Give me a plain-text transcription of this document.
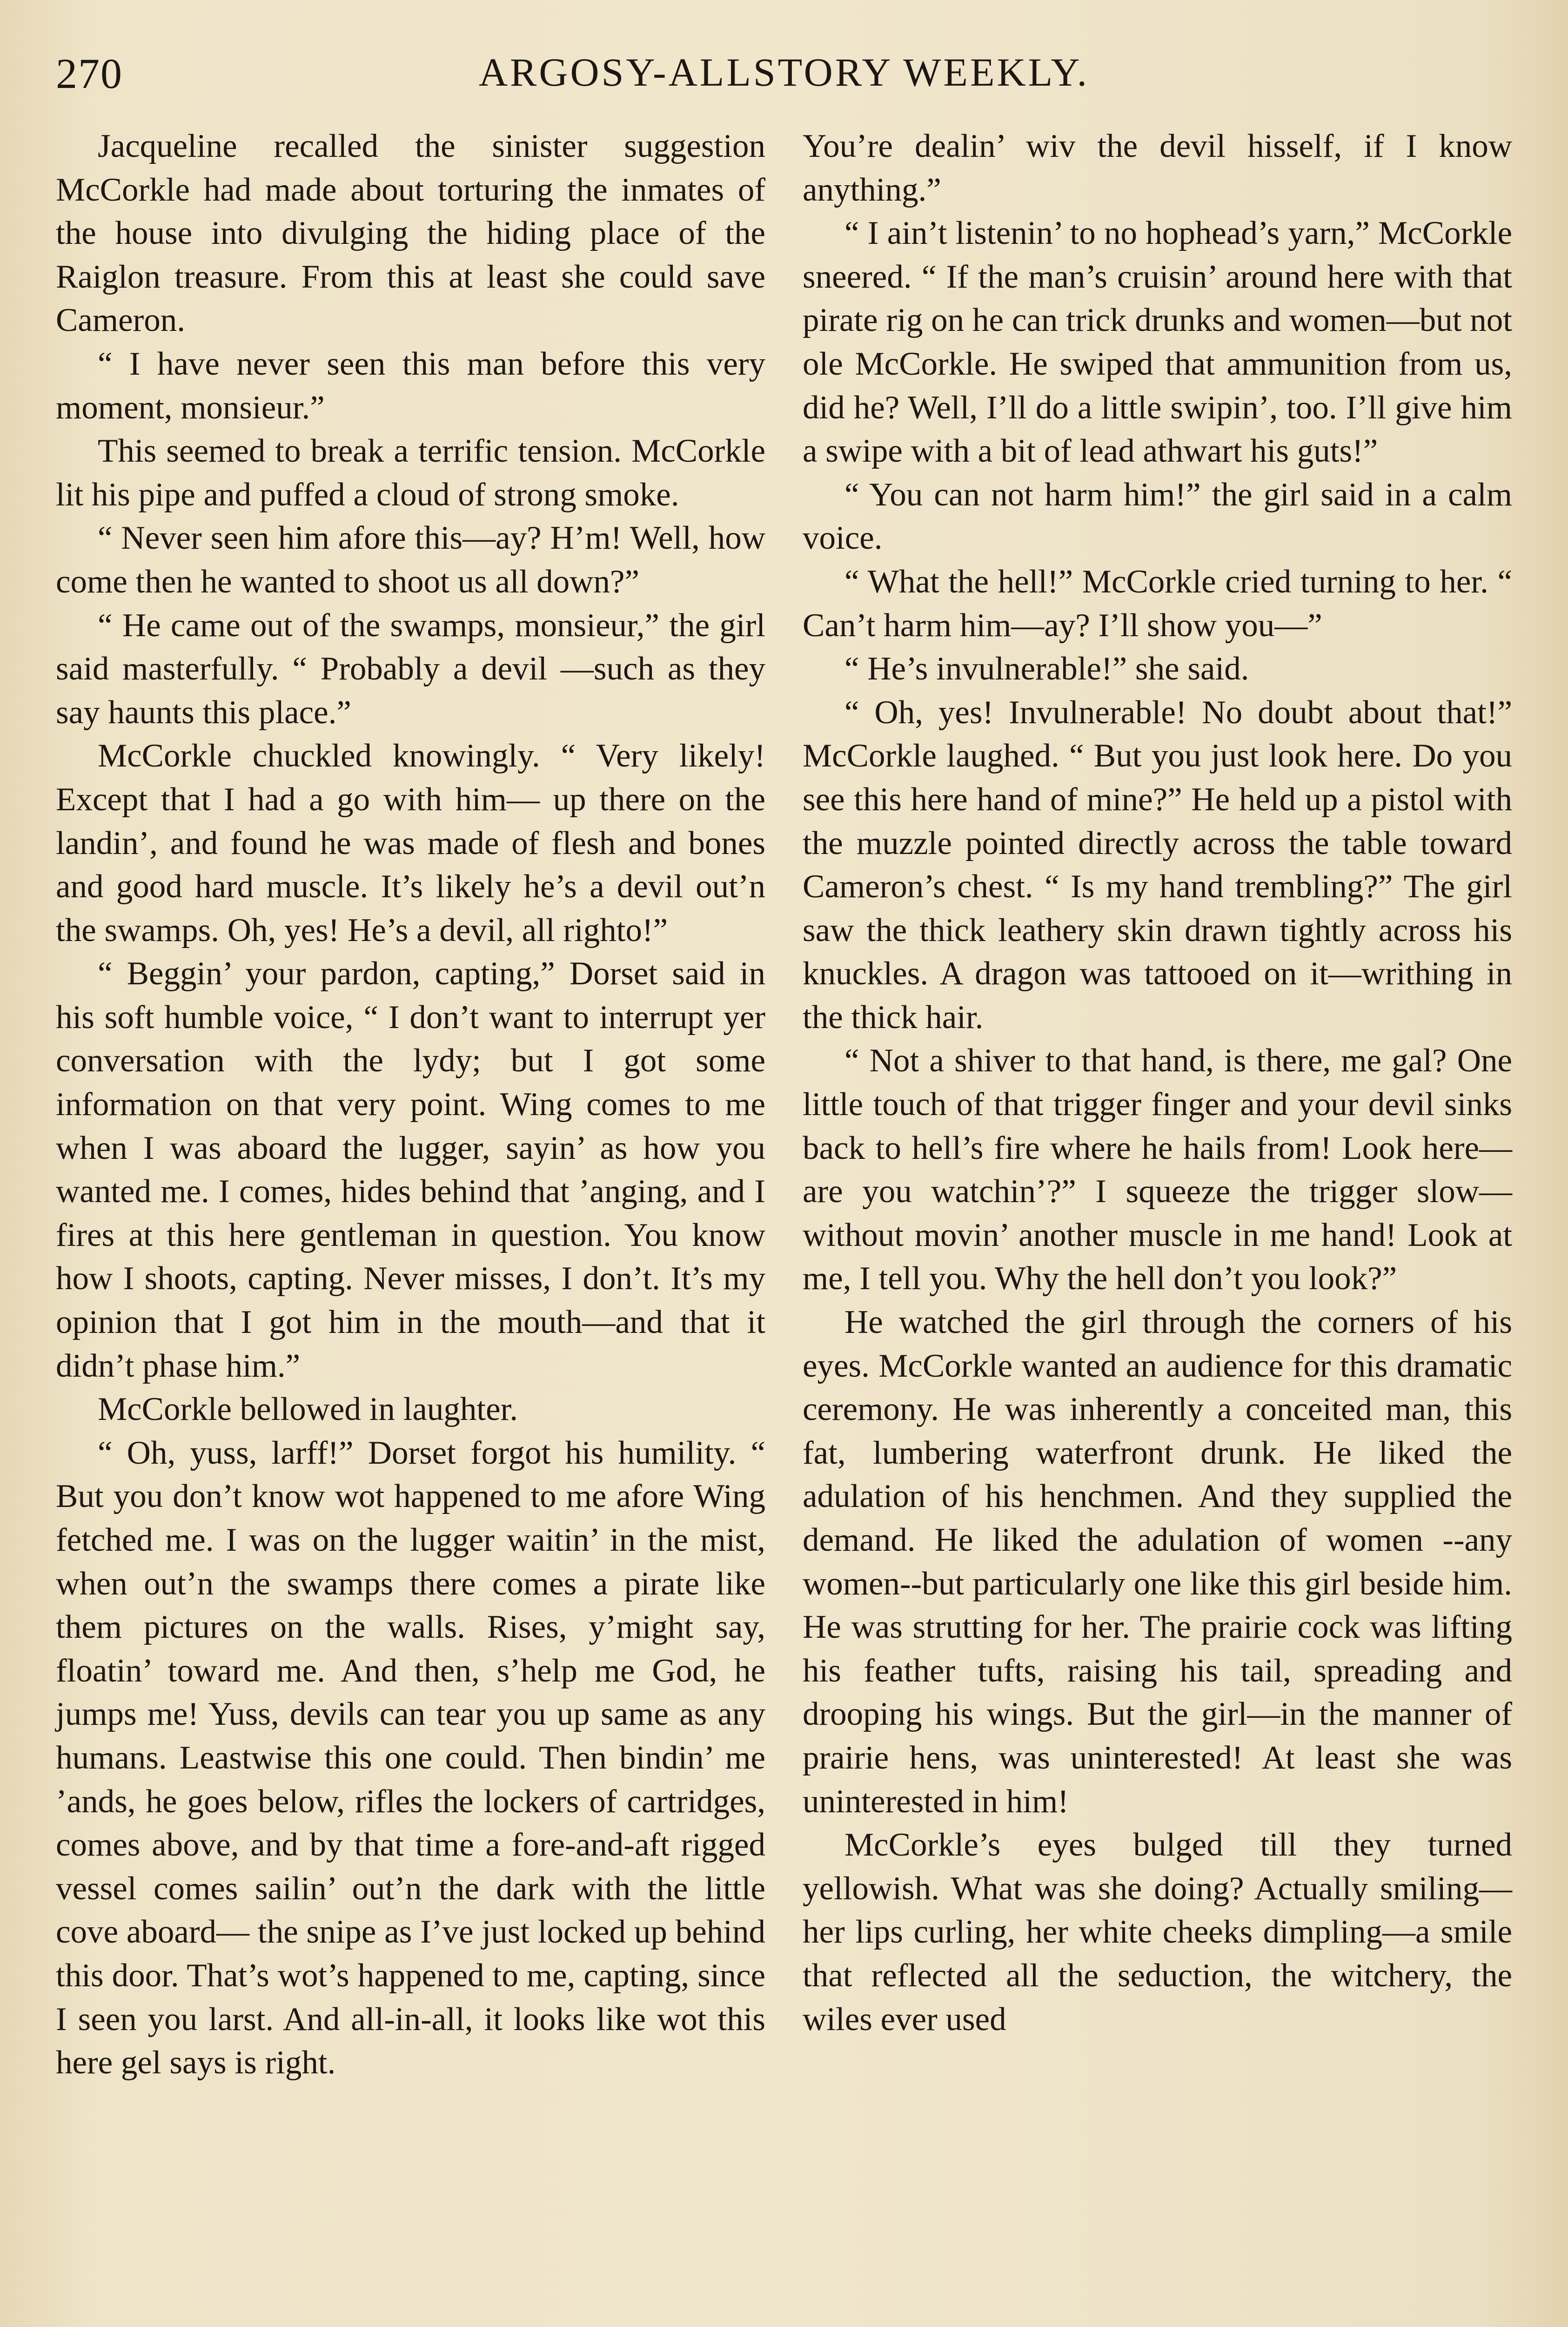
270	ARGOSY-ALLSTORY WEEKLY.

Jacqueline recalled the sinister suggestion McCorkle had made about torturing the inmates of the house into divulging the hiding place of the Raiglon treasure. From this at least she could save Cameron.

“ I have never seen this man before this very moment, monsieur.”

This seemed to break a terrific tension. McCorkle lit his pipe and puffed a cloud of strong smoke.

“ Never seen him afore this—ay? H’m! Well, how come then he wanted to shoot us all down?”

“ He came out of the swamps, monsieur,” the girl said masterfully. “ Probably a devil —such as they say haunts this place.”

McCorkle chuckled knowingly. “ Very likely! Except that I had a go with him— up there on the landin’, and found he was made of flesh and bones and good hard muscle. It’s likely he’s a devil out’n the swamps. Oh, yes! He’s a devil, all righto!”

“ Beggin’ your pardon, capting,” Dorset said in his soft humble voice, “ I don’t want to interrupt yer conversation with the lydy; but I got some information on that very point. Wing comes to me when I was aboard the lugger, sayin’ as how you wanted me. I comes, hides behind that ’anging, and I fires at this here gentleman in question. You know how I shoots, capting. Never misses, I don’t. It’s my opinion that I got him in the mouth—and that it didn’t phase him.”

McCorkle bellowed in laughter.

“ Oh, yuss, larff!” Dorset forgot his humility. “ But you don’t know wot happened to me afore Wing fetched me. I was on the lugger waitin’ in the mist, when out’n the swamps there comes a pirate like them pictures on the walls. Rises, y’might say, floatin’ toward me. And then, s’help me God, he jumps me! Yuss, devils can tear you up same as any humans. Leastwise this one could. Then bindin’ me ’ands, he goes below, rifles the lockers of cartridges, comes above, and by that time a fore-and-aft rigged vessel comes sailin’ out’n the dark with the little cove aboard— the snipe as I’ve just locked up behind this door. That’s wot’s happened to me, capting, since I seen you larst. And all-in-all, it looks like wot this here gel says is right.

You’re dealin’ wiv the devil hisself, if I know anything.”

“ I ain’t listenin’ to no hophead’s yarn,” McCorkle sneered. “ If the man’s cruisin’ around here with that pirate rig on he can trick drunks and women—but not ole McCorkle. He swiped that ammunition from us, did he? Well, I’ll do a little swipin’, too. I’ll give him a swipe with a bit of lead athwart his guts!”

“ You can not harm him!” the girl said in a calm voice.

“ What the hell!” McCorkle cried turning to her. “ Can’t harm him—ay? I’ll show you—”

“ He’s invulnerable!” she said.

“ Oh, yes! Invulnerable! No doubt about that!” McCorkle laughed. “ But you just look here. Do you see this here hand of mine?” He held up a pistol with the muzzle pointed directly across the table toward Cameron’s chest. “ Is my hand trembling?” The girl saw the thick leathery skin drawn tightly across his knuckles. A dragon was tattooed on it—writhing in the thick hair.

“ Not a shiver to that hand, is there, me gal? One little touch of that trigger finger and your devil sinks back to hell’s fire where he hails from! Look here—are you watchin’?” I squeeze the trigger slow— without movin’ another muscle in me hand! Look at me, I tell you. Why the hell don’t you look?”

He watched the girl through the corners of his eyes. McCorkle wanted an audience for this dramatic ceremony. He was inherently a conceited man, this fat, lumbering waterfront drunk. He liked the adulation of his henchmen. And they supplied the demand. He liked the adulation of women --any women--but particularly one like this girl beside him. He was strutting for her. The prairie cock was lifting his feather tufts, raising his tail, spreading and drooping his wings. But the girl—in the manner of prairie hens, was uninterested! At least she was uninterested in him!

McCorkle’s eyes bulged till they turned yellowish. What was she doing? Actually smiling—her lips curling, her white cheeks dimpling—a smile that reflected all the seduction, the witchery, the wiles ever used
